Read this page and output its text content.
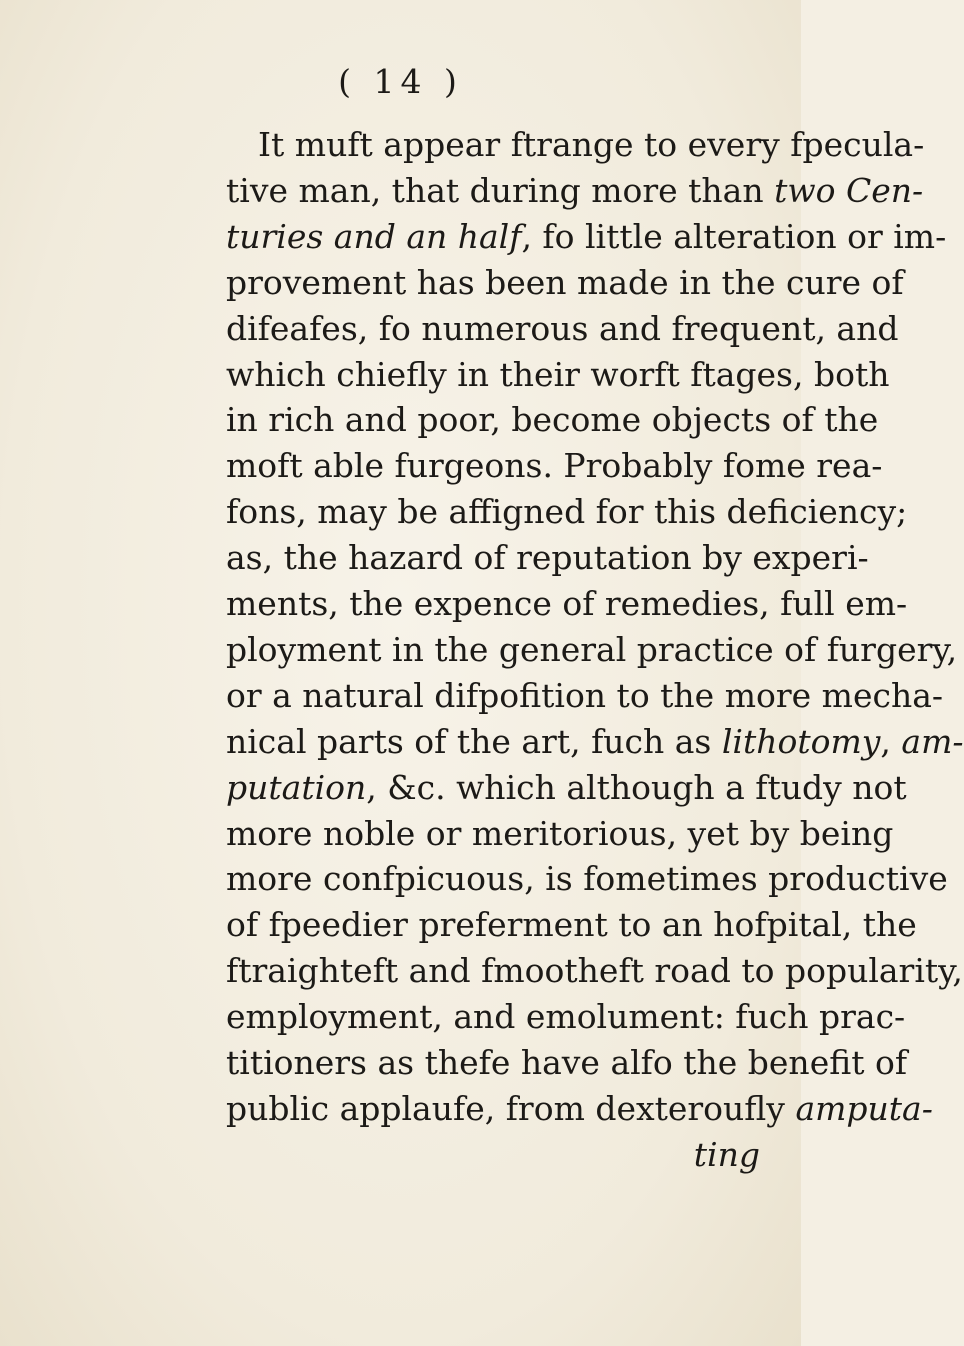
( 14 )
It muft appear ftrange to every fpecula-
tive man, that during more than two Cen-
turies and an half, fo little alteration or im-
provement has been made in the cure of
difeafes, fo numerous and frequent, and
which chiefly in their worft ftages, both
in rich and poor, become objects of the
moft able furgeons. Probably fome rea-
fons, may be affigned for this deficiency;
as, the hazard of reputation by experi-
ments, the expence of remedies, full em-
ployment in the general practice of furgery,
or a natural difpofition to the more mecha-
nical parts of the art, fuch as lithotomy, am-
putation, &c. which although a ftudy not
more noble or meritorious, yet by being
more confpicuous, is fometimes productive
of fpeedier preferment to an hofpital, the
ftraighteft and fmootheft road to popularity,
employment, and emolument: fuch prac-
titioners as thefe have alfo the benefit of
public applaufe, from dexteroufly amputa-
ting
